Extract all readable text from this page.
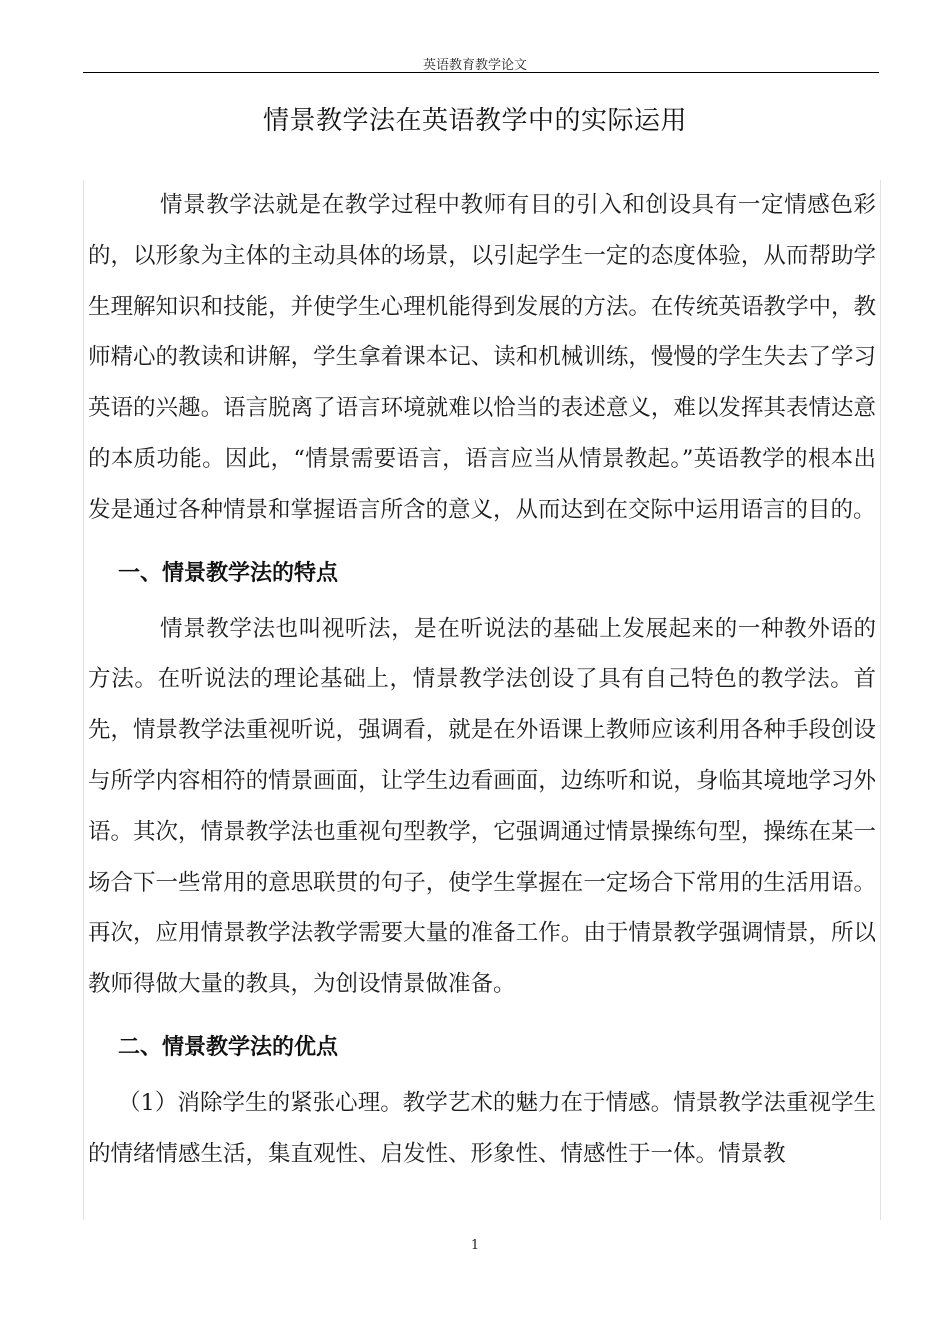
英语教育教学论文
情景教学法在英语教学中的实际运用

情景教学法就是在教学过程中教师有目的引入和创设具有一定情感色彩的，以形象为主体的主动具体的场景，以引起学生一定的态度体验，从而帮助学生理解知识和技能，并使学生心理机能得到发展的方法。在传统英语教学中，教师精心的教读和讲解，学生拿着课本记、读和机械训练，慢慢的学生失去了学习英语的兴趣。语言脱离了语言环境就难以恰当的表述意义，难以发挥其表情达意的本质功能。因此，“情景需要语言，语言应当从情景教起。”英语教学的根本出发是通过各种情景和掌握语言所含的意义，从而达到在交际中运用语言的目的。

一、情景教学法的特点

情景教学法也叫视听法，是在听说法的基础上发展起来的一种教外语的方法。在听说法的理论基础上，情景教学法创设了具有自己特色的教学法。首先，情景教学法重视听说，强调看，就是在外语课上教师应该利用各种手段创设与所学内容相符的情景画面，让学生边看画面，边练听和说，身临其境地学习外语。其次，情景教学法也重视句型教学，它强调通过情景操练句型，操练在某一场合下一些常用的意思联贯的句子，使学生掌握在一定场合下常用的生活用语。再次，应用情景教学法教学需要大量的准备工作。由于情景教学强调情景，所以教师得做大量的教具，为创设情景做准备。

二、情景教学法的优点

（1）消除学生的紧张心理。教学艺术的魅力在于情感。情景教学法重视学生的情绪情感生活，集直观性、启发性、形象性、情感性于一体。情景教

1
